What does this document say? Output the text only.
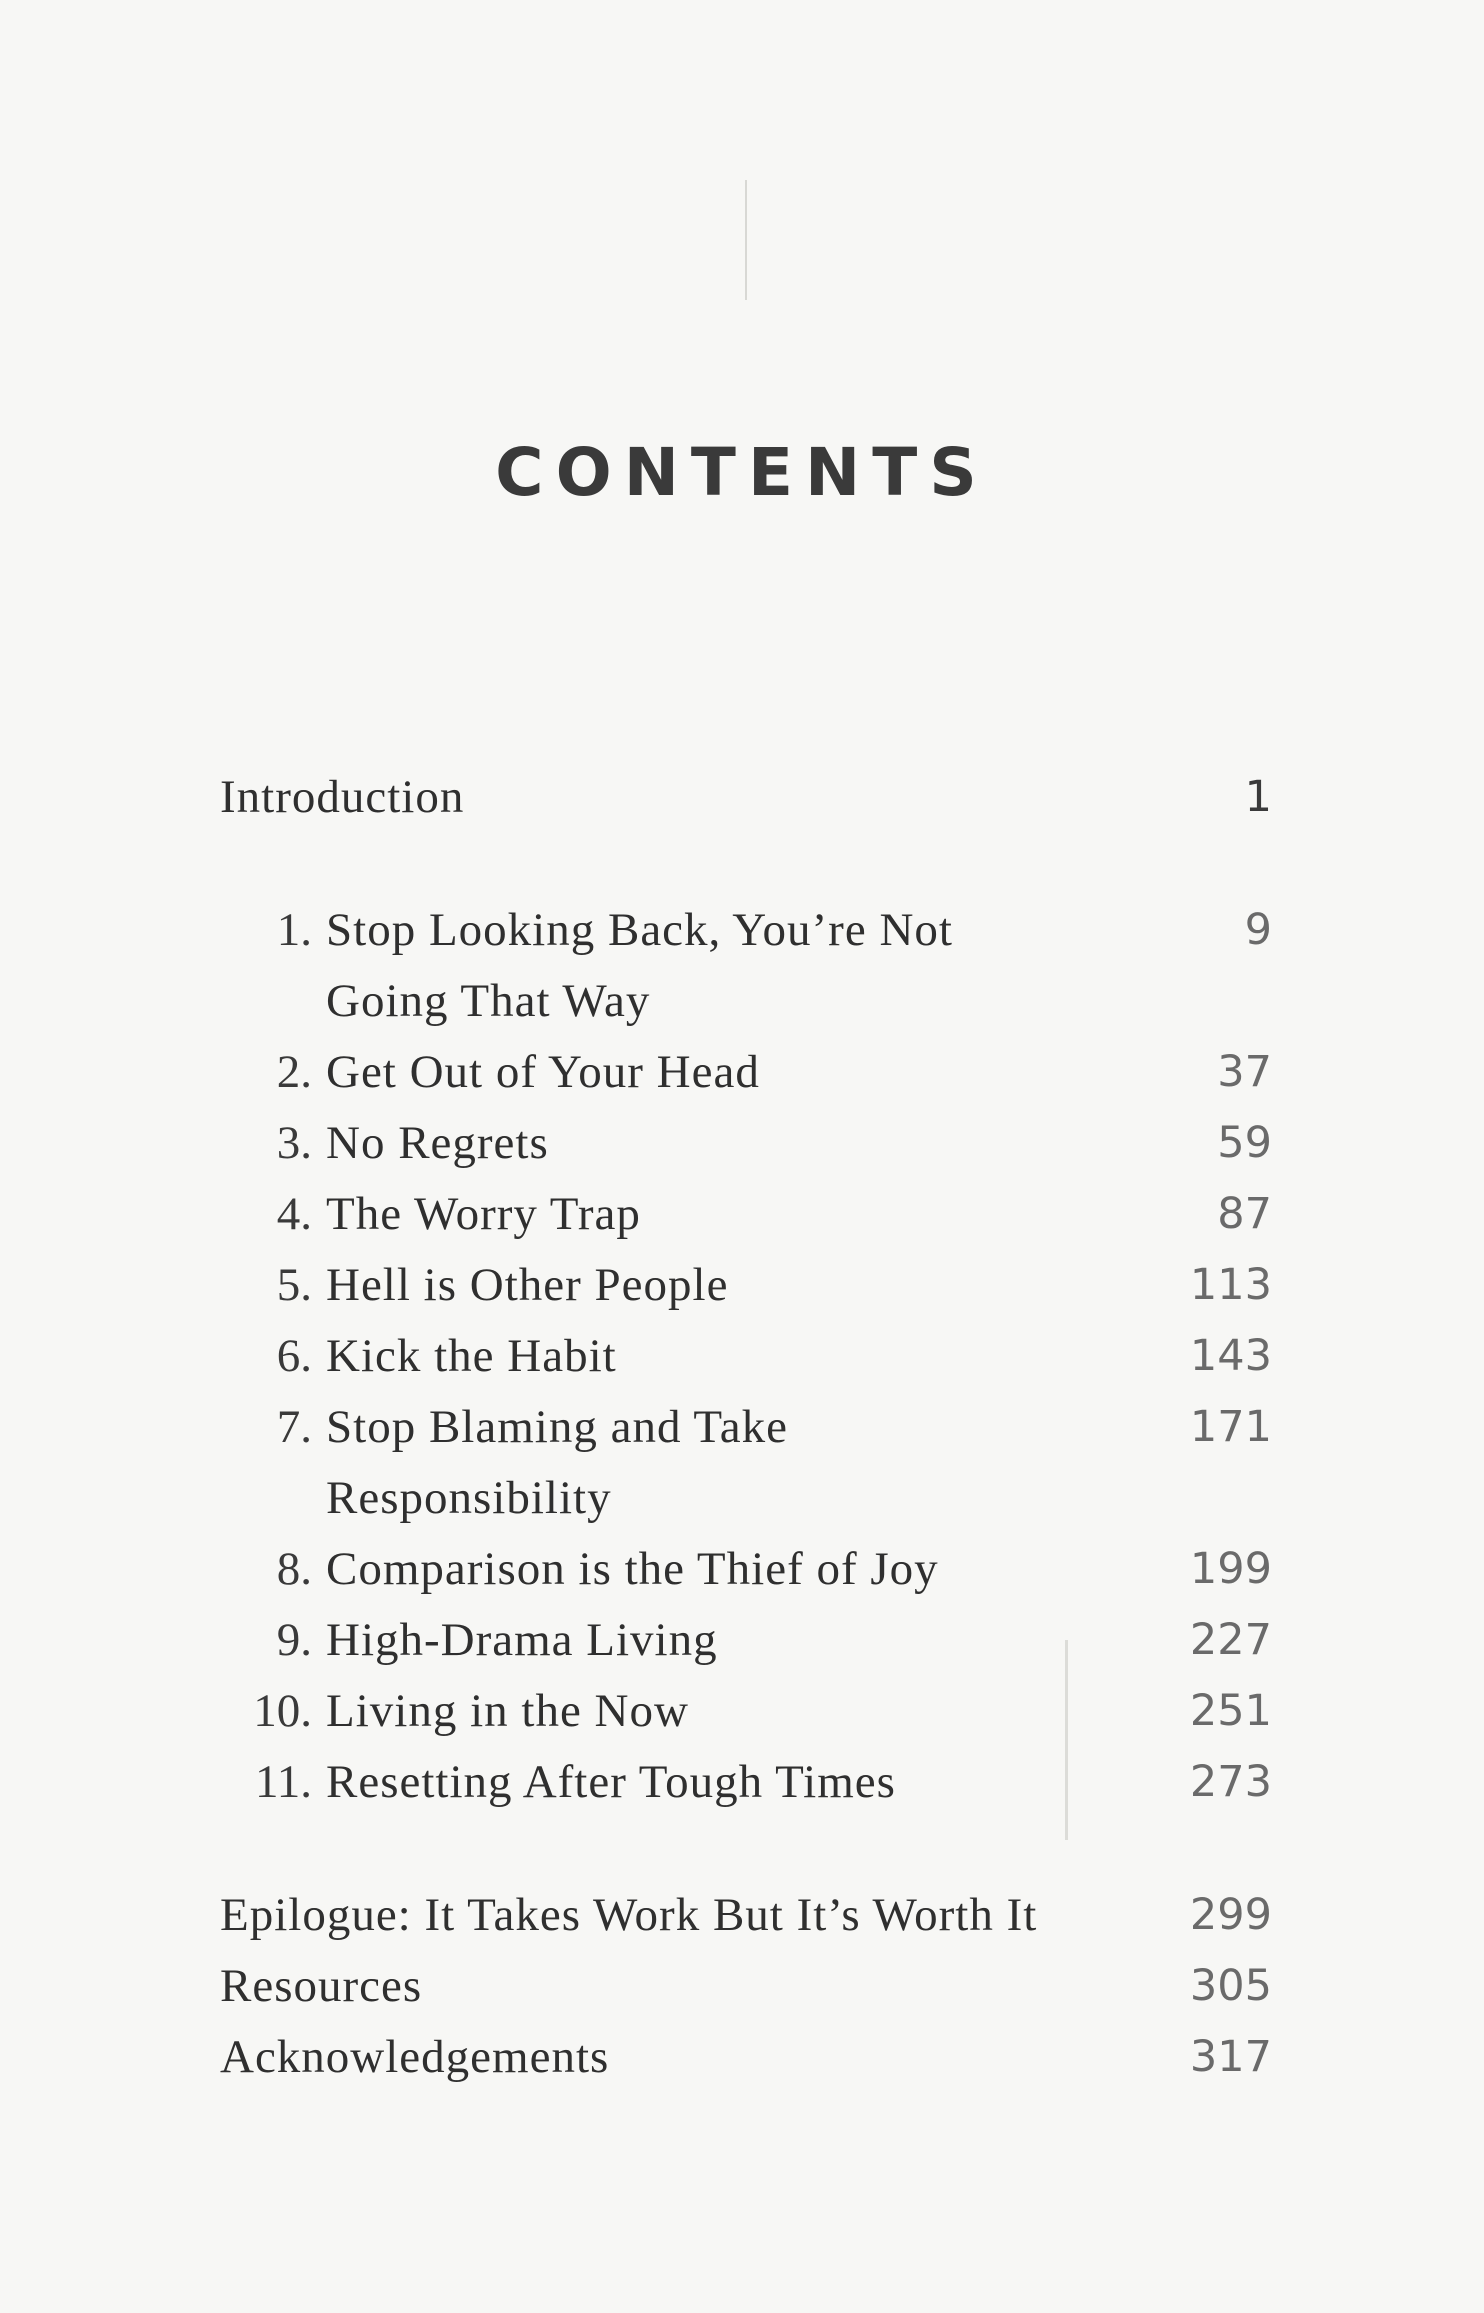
CONTENTS
Introduction	1
1. Stop Looking Back, You’re Not	9
Going That Way
2. Get Out of Your Head	37
3. No Regrets	59
4. The Worry Trap	87
5. Hell is Other People	113
6. Kick the Habit	143
7. Stop Blaming and Take	171
Responsibility
8. Comparison is the Thief of Joy	199
9. High-Drama Living	227
10. Living in the Now	251
11. Resetting After Tough Times	273
Epilogue: It Takes Work But It’s Worth It	299
Resources	305
Acknowledgements	317
